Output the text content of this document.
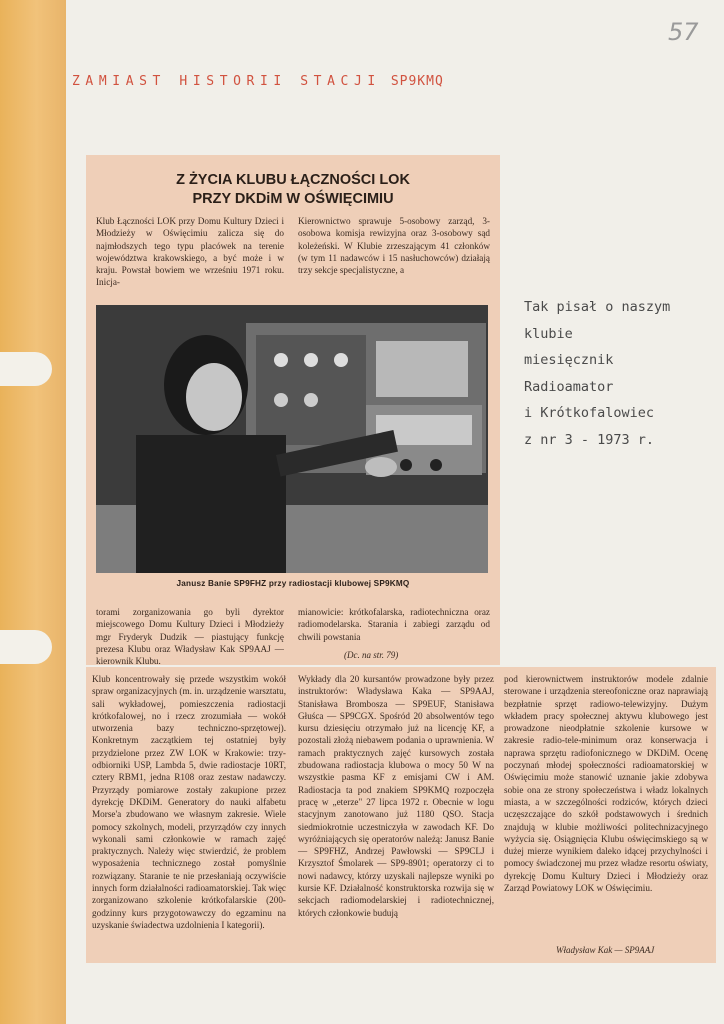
57
ZAMIAST HISTORII STACJI SP9KMQ
Z ŻYCIA KLUBU ŁĄCZNOŚCI LOK
PRZY DKDiM W OŚWIĘCIMIU
Klub Łączności LOK przy Domu Kultury Dzieci i Młodzieży w Oświęcimiu zalicza się do najmłodszych tego typu placówek na terenie województwa krakowskiego, a być może i w kraju. Powstał bowiem we wrześniu 1971 roku. Inicja-
Kierownictwo sprawuje 5-osobowy zarząd, 3-osobowa komisja rewizyjna oraz 3-osobowy sąd koleżeński. W Klubie zrzeszającym 41 członków (w tym 11 nadawców i 15 nasłuchowców) działają trzy sekcje specjalistyczne, a
Janusz Banie SP9FHZ przy radiostacji klubowej SP9KMQ
torami zorganizowania go byli dyrektor miejscowego Domu Kultury Dzieci i Młodzieży mgr Fryderyk Dudzik — piastujący funkcję prezesa Klubu oraz Władysław Kak SP9AAJ — kierownik Klubu.
mianowicie: krótkofalarska, radiotechniczna oraz radiomodelarska. Staraniа i zabiegi zarządu od chwili powstania
(Dc. na str. 79)
Klub koncentrowały się przede wszystkim wokół spraw organizacyjnych (m. in. urządzenie warsztatu, sali wykładowej, pomieszczenia radiostacji krótkofalowej, no i rzecz zrozumiała — wokół utworzenia bazy techniczno-sprzętowej). Konkretnym zaczątkiem tej ostatniej były przydzielone przez ZW LOK w Krakowie: trzy-odbiorniki USP, Lambda 5, dwie radiostacje 10RT, cztery RBM1, jedna R108 oraz zestaw nadawczy. Przyrządy pomiarowe zostały zakupione przez dyrekcję DKDiM. Generatory do nauki alfabetu Morse'a zbudowano we własnym zakresie. Wiele pomocy szkolnych, modeli, przyrządów czy innych wykonali sami członkowie w ramach zajęć praktycznych. Należy więc stwierdzić, że problem wyposażenia technicznego został pomyślnie rozwiązany. Staranie te nie przesłaniają oczywiście innych form działalności radioamatorskiej. Tak więc zorganizowano szkolenie krótkofalarskie (200-godzinny kurs przygotowawczy do egzaminu na uzyskanie świadectwa uzdolnienia I kategorii).
Wykłady dla 20 kursantów prowadzone były przez instruktorów: Władysława Kaka — SP9AAJ, Stanisława Brombosza — SP9EUF, Stanisława Głuśca — SP9CGX. Spośród 20 absolwentów tego kursu dziesięciu otrzymało już na licencję KF, a pozostali złożą niebawem podania o uprawnienia. W ramach praktycznych zajęć kursowych została zbudowana radiostacja klubowa o mocy 50 W na wszystkie pasma KF z emisjami CW i AM. Radiostacja ta pod znakiem SP9KMQ rozpoczęła pracę w „eterze" 27 lipca 1972 r. Obecnie w logu stacyjnym zanotowano już 1180 QSO. Stacja siedmiokrotnie uczestniczyła w zawodach KF. Do wyróżniających się operatorów należą: Janusz Banie — SP9FHZ, Andrzej Pawłowski — SP9CLJ i Krzysztof Śmolarek — SP9-8901; operatorzy ci to nowi nadawcy, którzy uzyskali najlepsze wyniki po kursie KF. Działalność konstruktorska rozwija się w sekcjach radiomodelarskiej i radiotechnicznej, których członkowie budują
pod kierownictwem instruktorów modele zdalnie sterowane i urządzenia stereofoniczne oraz naprawiają bezpłatnie sprzęt radiowo-telewizyjny. Dużym wkładem pracy społecznej aktywu klubowego jest prowadzone nieodpłatnie szkolenie kursowe w zakresie radio-tele-minimum oraz konserwacja i naprawa sprzętu radiofonicznego w DKDiM. Ocenę poczynań młodej społeczności radioamatorskiej w Oświęcimiu może stanowić uznanie jakie zdobywa sobie ona ze strony społeczeństwa i władz lokalnych miasta, a w szczególności rodziców, których dzieci uczęszczające do szkół podstawowych i średnich znajdują w klubie możliwości politechnizacyjnego wyżycia się. Osiągnięcia Klubu oświęcimskiego są w dużej mierze wynikiem daleko idącej przychylności i pomocy świadczonej mu przez władze resortu oświaty, dyrekcję Domu Kultury Dzieci i Młodzieży oraz Zarząd Powiatowy LOK w Oświęcimiu.
Władysław Kak — SP9AAJ
Tak pisał o naszym
klubie
miesięcznik
Radioamator
i Krótkofalowiec
z nr 3 - 1973 r.
